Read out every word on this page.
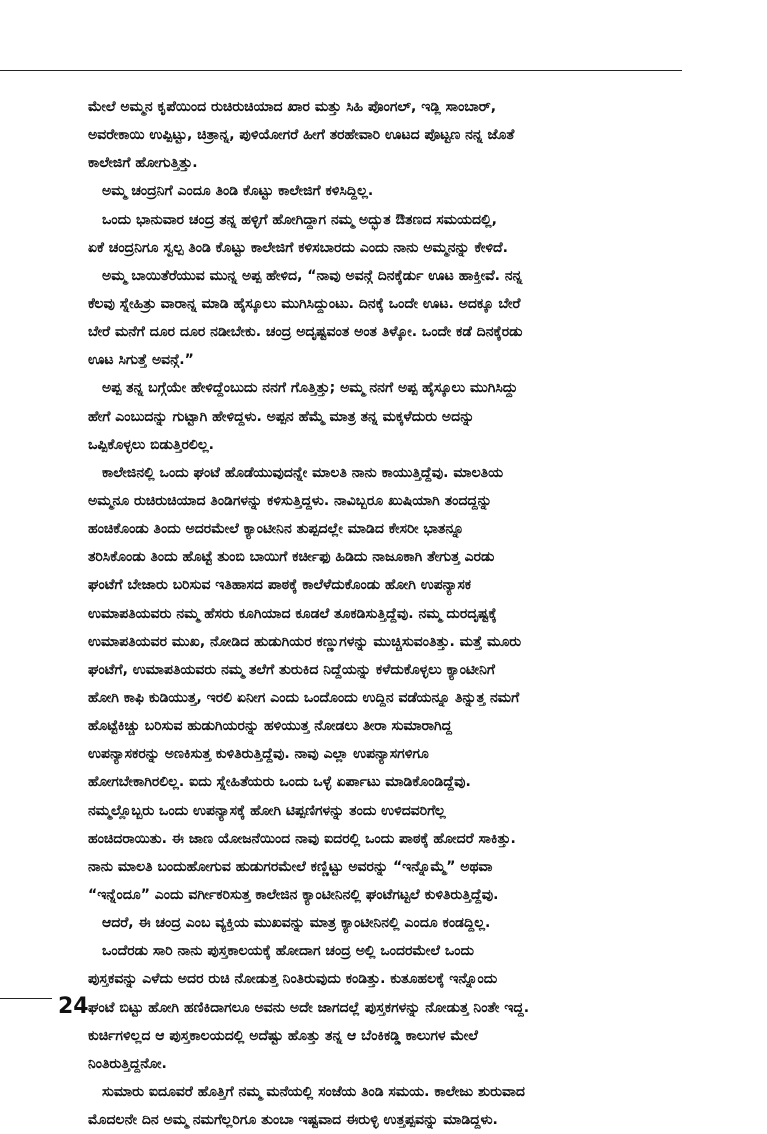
ಮೇಲೆ ಅಮ್ಮನ ಕೃಪೆಯಿಂದ ರುಚಿರುಚಿಯಾದ ಖಾರ ಮತ್ತು ಸಿಹಿ ಪೊಂಗಲ್, ಇಡ್ಲಿ ಸಾಂಬಾರ್,
ಅವರೇಕಾಯಿ ಉಪ್ಪಿಟ್ಟು, ಚಿತ್ರಾನ್ನ, ಪುಳಿಯೋಗರೆ ಹೀಗೆ ತರಹೇವಾರಿ ಊಟದ ಪೊಟ್ಟಣ ನನ್ನ ಜೊತೆ
ಕಾಲೇಜಿಗೆ ಹೋಗುತ್ತಿತ್ತು.
ಅಮ್ಮ ಚಂದ್ರನಿಗೆ ಎಂದೂ ತಿಂಡಿ ಕೊಟ್ಟು ಕಾಲೇಜಿಗೆ ಕಳಿಸಿದ್ದಿಲ್ಲ.
ಒಂದು ಭಾನುವಾರ ಚಂದ್ರ ತನ್ನ ಹಳ್ಳಿಗೆ ಹೋಗಿದ್ದಾಗ ನಮ್ಮ ಅದ್ಭುತ ಔತಣದ ಸಮಯದಲ್ಲಿ,
ಏಕೆ ಚಂದ್ರನಿಗೂ ಸ್ವಲ್ಪ ತಿಂಡಿ ಕೊಟ್ಟು ಕಾಲೇಜಿಗೆ ಕಳಿಸಬಾರದು ಎಂದು ನಾನು ಅಮ್ಮನನ್ನು ಕೇಳಿದೆ.
ಅಮ್ಮ ಬಾಯಿತೆರೆಯುವ ಮುನ್ನ ಅಪ್ಪ ಹೇಳಿದ, “ನಾವು ಅವನ್ಗೆ ದಿನಕ್ಕೆರ್ಡು ಊಟ ಹಾಕ್ತೀವೆ. ನನ್ನ
ಕೆಲವು ಸ್ನೇಹಿತ್ರು ವಾರಾನ್ನ ಮಾಡಿ ಹೈಸ್ಕೂಲು ಮುಗಿಸಿದ್ದುಂಟು. ದಿನಕ್ಕೆ ಒಂದೇ ಊಟ. ಅದಕ್ಕೂ ಬೇರೆ
ಬೇರೆ ಮನೆಗೆ ದೂರ ದೂರ ನಡೀಬೇಕು. ಚಂದ್ರ ಅದೃಷ್ಟವಂತ ಅಂತ ತಿಳ್ಕೋ. ಒಂದೇ ಕಡೆ ದಿನಕ್ಕೆರಡು
ಊಟ ಸಿಗುತ್ತೆ ಅವನ್ಗೆ.”
ಅಪ್ಪ ತನ್ನ ಬಗ್ಗೆಯೇ ಹೇಳಿದ್ದೆಂಬುದು ನನಗೆ ಗೊತ್ತಿತ್ತು; ಅಮ್ಮ ನನಗೆ ಅಪ್ಪ ಹೈಸ್ಕೂಲು ಮುಗಿಸಿದ್ದು
ಹೇಗೆ ಎಂಬುದನ್ನು ಗುಟ್ಟಾಗಿ ಹೇಳಿದ್ದಳು. ಅಪ್ಪನ ಹೆಮ್ಮೆ ಮಾತ್ರ ತನ್ನ ಮಕ್ಕಳೆದುರು ಅದನ್ನು
ಒಪ್ಪಿಕೊಳ್ಳಲು ಬಿಡುತ್ತಿರಲಿಲ್ಲ.
ಕಾಲೇಜಿನಲ್ಲಿ ಒಂದು ಘಂಟೆ ಹೊಡೆಯುವುದನ್ನೇ ಮಾಲತಿ ನಾನು ಕಾಯುತ್ತಿದ್ದೆವು. ಮಾಲತಿಯ
ಅಮ್ಮನೂ ರುಚಿರುಚಿಯಾದ ತಿಂಡಿಗಳನ್ನು ಕಳಿಸುತ್ತಿದ್ದಳು. ನಾವಿಬ್ಬರೂ ಖುಷಿಯಾಗಿ ತಂದದ್ದನ್ನು
ಹಂಚಿಕೊಂಡು ತಿಂದು ಅದರಮೇಲೆ ಕ್ಯಾಂಟೀನಿನ ತುಪ್ಪದಲ್ಲೇ ಮಾಡಿದ ಕೇಸರೀ ಭಾತನ್ನೂ
ತರಿಸಿಕೊಂಡು ತಿಂದು ಹೊಟ್ಟೆ ತುಂಬಿ ಬಾಯಿಗೆ ಕರ್ಚೀಫು ಹಿಡಿದು ನಾಜೂಕಾಗಿ ತೇಗುತ್ತ ಎರಡು
ಘಂಟೆಗೆ ಬೇಜಾರು ಬರಿಸುವ ಇತಿಹಾಸದ ಪಾಠಕ್ಕೆ ಕಾಲೆಳೆದುಕೊಂಡು ಹೋಗಿ ಉಪನ್ಯಾಸಕ
ಉಮಾಪತಿಯವರು ನಮ್ಮ ಹೆಸರು ಕೂಗಿಯಾದ ಕೂಡಲೆ ತೂಕಡಿಸುತ್ತಿದ್ದೆವು. ನಮ್ಮ ದುರದೃಷ್ಟಕ್ಕೆ
ಉಮಾಪತಿಯವರ ಮುಖ, ನೋಡಿದ ಹುಡುಗಿಯರ ಕಣ್ಣುಗಳನ್ನು ಮುಚ್ಚಿಸುವಂತಿತ್ತು. ಮತ್ತೆ ಮೂರು
ಘಂಟೆಗೆ, ಉಮಾಪತಿಯವರು ನಮ್ಮ ತಲೆಗೆ ತುರುಕಿದ ನಿದ್ದೆಯನ್ನು ಕಳೆದುಕೊಳ್ಳಲು ಕ್ಯಾಂಟೀನಿಗೆ
ಹೋಗಿ ಕಾಫಿ ಕುಡಿಯುತ್ತ, ಇರಲಿ ಏನೀಗ ಎಂದು ಒಂದೊಂದು ಉದ್ದಿನ ವಡೆಯನ್ನೂ ತಿನ್ನುತ್ತ ನಮಗೆ
ಹೊಟ್ಟೆಕಿಚ್ಚು ಬರಿಸುವ ಹುಡುಗಿಯರನ್ನು ಹಳಿಯುತ್ತ ನೋಡಲು ತೀರಾ ಸುಮಾರಾಗಿದ್ದ
ಉಪನ್ಯಾಸಕರನ್ನು ಅಣಕಿಸುತ್ತ ಕುಳಿತಿರುತ್ತಿದ್ದೆವು. ನಾವು ಎಲ್ಲಾ ಉಪನ್ಯಾಸಗಳಿಗೂ
ಹೋಗಬೇಕಾಗಿರಲಿಲ್ಲ. ಐದು ಸ್ನೇಹಿತೆಯರು ಒಂದು ಒಳ್ಳೆ ಏರ್ಪಾಟು ಮಾಡಿಕೊಂಡಿದ್ದೆವು.
ನಮ್ಮಲ್ಲೊಬ್ಬರು ಒಂದು ಉಪನ್ಯಾಸಕ್ಕೆ ಹೋಗಿ ಟಿಪ್ಪಣಿಗಳನ್ನು ತಂದು ಉಳಿದವರಿಗೆಲ್ಲ
ಹಂಚಿದರಾಯಿತು. ಈ ಜಾಣ ಯೋಜನೆಯಿಂದ ನಾವು ಐದರಲ್ಲಿ ಒಂದು ಪಾಠಕ್ಕೆ ಹೋದರೆ ಸಾಕಿತ್ತು.
ನಾನು ಮಾಲತಿ ಬಂದುಹೋಗುವ ಹುಡುಗರಮೇಲೆ ಕಣ್ಣಿಟ್ಟು ಅವರನ್ನು “ಇನ್ನೊಮ್ಮೆ” ಅಥವಾ
“ಇನ್ನೆಂದೂ” ಎಂದು ವರ್ಗೀಕರಿಸುತ್ತ ಕಾಲೇಜಿನ ಕ್ಯಾಂಟೀನಿನಲ್ಲಿ ಘಂಟೆಗಟ್ಟಲೆ ಕುಳಿತಿರುತ್ತಿದ್ದೆವು.
ಆದರೆ, ಈ ಚಂದ್ರ ಎಂಬ ವ್ಯಕ್ತಿಯ ಮುಖವನ್ನು ಮಾತ್ರ ಕ್ಯಾಂಟೀನಿನಲ್ಲಿ ಎಂದೂ ಕಂಡದ್ದಿಲ್ಲ.
ಒಂದೆರಡು ಸಾರಿ ನಾನು ಪುಸ್ತಕಾಲಯಕ್ಕೆ ಹೋದಾಗ ಚಂದ್ರ ಅಲ್ಲಿ ಒಂದರಮೇಲೆ ಒಂದು
ಪುಸ್ತಕವನ್ನು ಎಳೆದು ಅದರ ರುಚಿ ನೋಡುತ್ತ ನಿಂತಿರುವುದು ಕಂಡಿತ್ತು. ಕುತೂಹಲಕ್ಕೆ ಇನ್ನೊಂದು
ಘಂಟೆ ಬಿಟ್ಟು ಹೋಗಿ ಹಣಿಕಿದಾಗಲೂ ಅವನು ಅದೇ ಜಾಗದಲ್ಲೆ ಪುಸ್ತಕಗಳನ್ನು ನೋಡುತ್ತ ನಿಂತೇ ಇದ್ದ.
ಕುರ್ಚಿಗಳಿಲ್ಲದ ಆ ಪುಸ್ತಕಾಲಯದಲ್ಲಿ ಅದೆಷ್ಟು ಹೊತ್ತು ತನ್ನ ಆ ಬೆಂಕಿಕಡ್ಡಿ ಕಾಲುಗಳ ಮೇಲೆ
ನಿಂತಿರುತ್ತಿದ್ದನೋ.
ಸುಮಾರು ಐದೂವರೆ ಹೊತ್ತಿಗೆ ನಮ್ಮ ಮನೆಯಲ್ಲಿ ಸಂಜೆಯ ತಿಂಡಿ ಸಮಯ. ಕಾಲೇಜು ಶುರುವಾದ
ಮೊದಲನೇ ದಿನ ಅಮ್ಮ ನಮಗೆಲ್ಲರಿಗೂ ತುಂಬಾ ಇಷ್ಟವಾದ ಈರುಳ್ಳಿ ಉತ್ತಪ್ಪವನ್ನು ಮಾಡಿದ್ದಳು.
24
